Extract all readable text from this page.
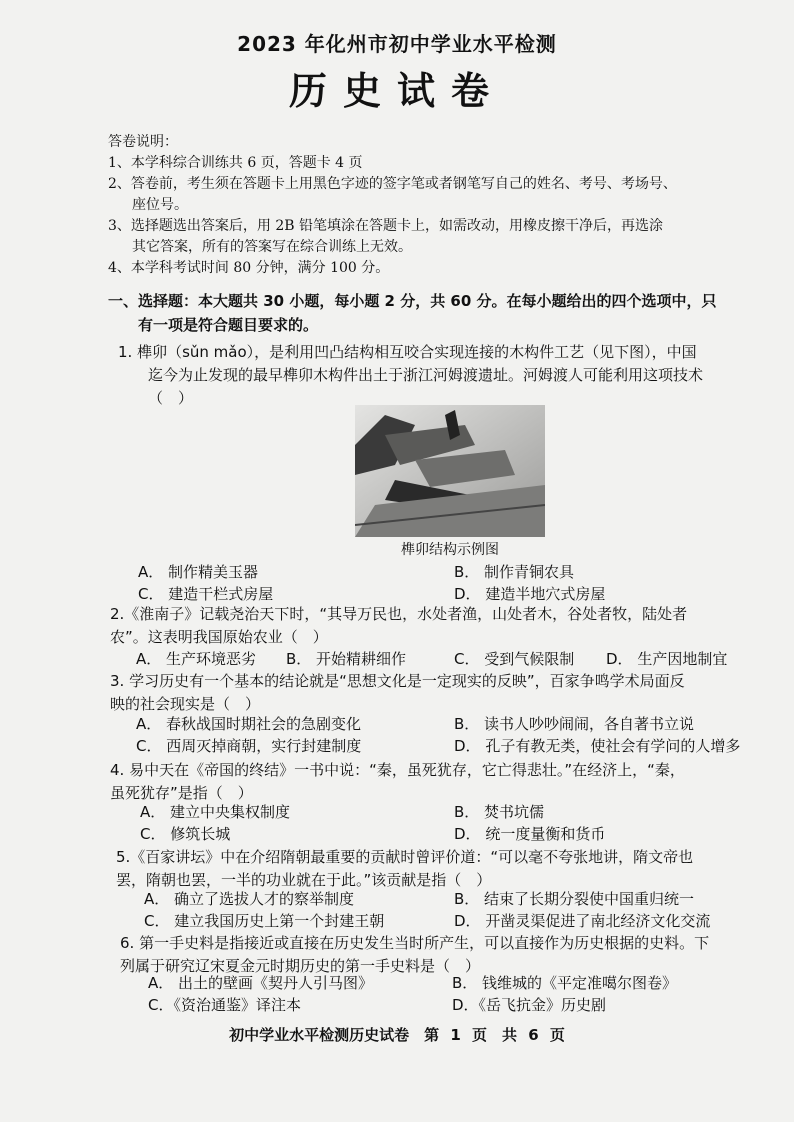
2023 年化州市初中学业水平检测
历史试卷

答卷说明：

1、本学科综合训练共 6 页，答题卡 4 页

2、答卷前，考生须在答题卡上用黑色字迹的签字笔或者钢笔写自己的姓名、考号、考场号、

座位号。

3、选择题选出答案后，用 2B 铅笔填涂在答题卡上，如需改动，用橡皮擦干净后，再选涂

其它答案，所有的答案写在综合训练上无效。

4、本学科考试时间 80 分钟，满分 100 分。

一、选择题：本大题共 30 小题，每小题 2 分，共 60 分。在每小题给出的四个选项中，只
有一项是符合题目要求的。

1. 榫卯（sǔn mǎo），是利用凹凸结构相互咬合实现连接的木构件工艺（见下图），中国

迄今为止发现的最早榫卯木构件出土于浙江河姆渡遗址。河姆渡人可能利用这项技术

（　）

榫卯结构示例图
A． 制作精美玉器	B． 制作青铜农具
C． 建造干栏式房屋	D． 建造半地穴式房屋

2.《淮南子》记载尧治天下时，“其导万民也，水处者渔，山处者木，谷处者牧，陆处者

农”。这表明我国原始农业（　）

A． 生产环境恶劣 B． 开始精耕细作	C． 受到气候限制 D． 生产因地制宜

3. 学习历史有一个基本的结论就是“思想文化是一定现实的反映”，百家争鸣学术局面反

映的社会现实是（　）

A． 春秋战国时期社会的急剧变化	B． 读书人吵吵闹闹，各自著书立说
C． 西周灭掉商朝，实行封建制度	D． 孔子有教无类，使社会有学问的人增多

4. 易中天在《帝国的终结》一书中说：“秦，虽死犹存，它亡得悲壮。”在经济上，“秦，

虽死犹存”是指（　）

A． 建立中央集权制度	B． 焚书坑儒
C． 修筑长城	D． 统一度量衡和货币

5.《百家讲坛》中在介绍隋朝最重要的贡献时曾评价道：“可以毫不夸张地讲，隋文帝也

罢，隋朝也罢，一半的功业就在于此。”该贡献是指（　）

A． 确立了选拔人才的察举制度	B． 结束了长期分裂使中国重归统一
C． 建立我国历史上第一个封建王朝	D． 开凿灵渠促进了南北经济文化交流

6. 第一手史料是指接近或直接在历史发生当时所产生，可以直接作为历史根据的史料。下

列属于研究辽宋夏金元时期历史的第一手史料是（　）

A． 出土的壁画《契丹人引马图》	B． 钱维城的《平定准噶尔图卷》
C．《资治通鉴》译注本	D．《岳飞抗金》历史剧
初中学业水平检测历史试卷　第 1 页　共 6 页
